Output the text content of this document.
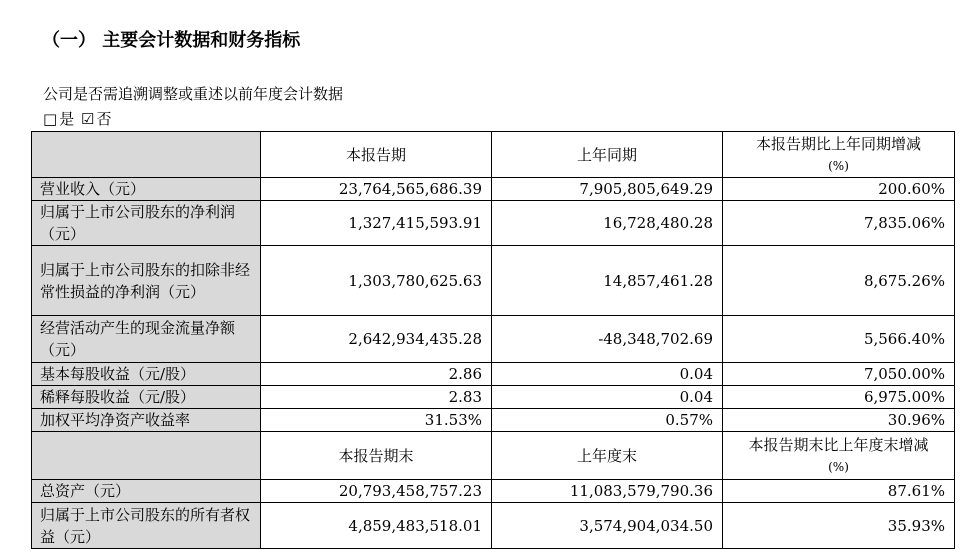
（一） 主要会计数据和财务指标
公司是否需追溯调整或重述以前年度会计数据
□ 是 ☑ 否
	本报告期	上年同期	本报告期比上年同期增减
(%)

营业收入（元）	23,764,565,686.39	7,905,805,649.29	200.60%
归属于上市公司股东的净利润（元）	1,327,415,593.91	16,728,480.28	7,835.06%
归属于上市公司股东的扣除非经常性损益的净利润（元）	1,303,780,625.63	14,857,461.28	8,675.26%
经营活动产生的现金流量净额（元）	2,642,934,435.28	-48,348,702.69	5,566.40%
基本每股收益（元/股）	2.86	0.04	7,050.00%
稀释每股收益（元/股）	2.83	0.04	6,975.00%
加权平均净资产收益率	31.53%	0.57%	30.96%
	本报告期末	上年度末	本报告期末比上年度末增减
(%)

总资产（元）	20,793,458,757.23	11,083,579,790.36	87.61%
归属于上市公司股东的所有者权益（元）	4,859,483,518.01	3,574,904,034.50	35.93%
